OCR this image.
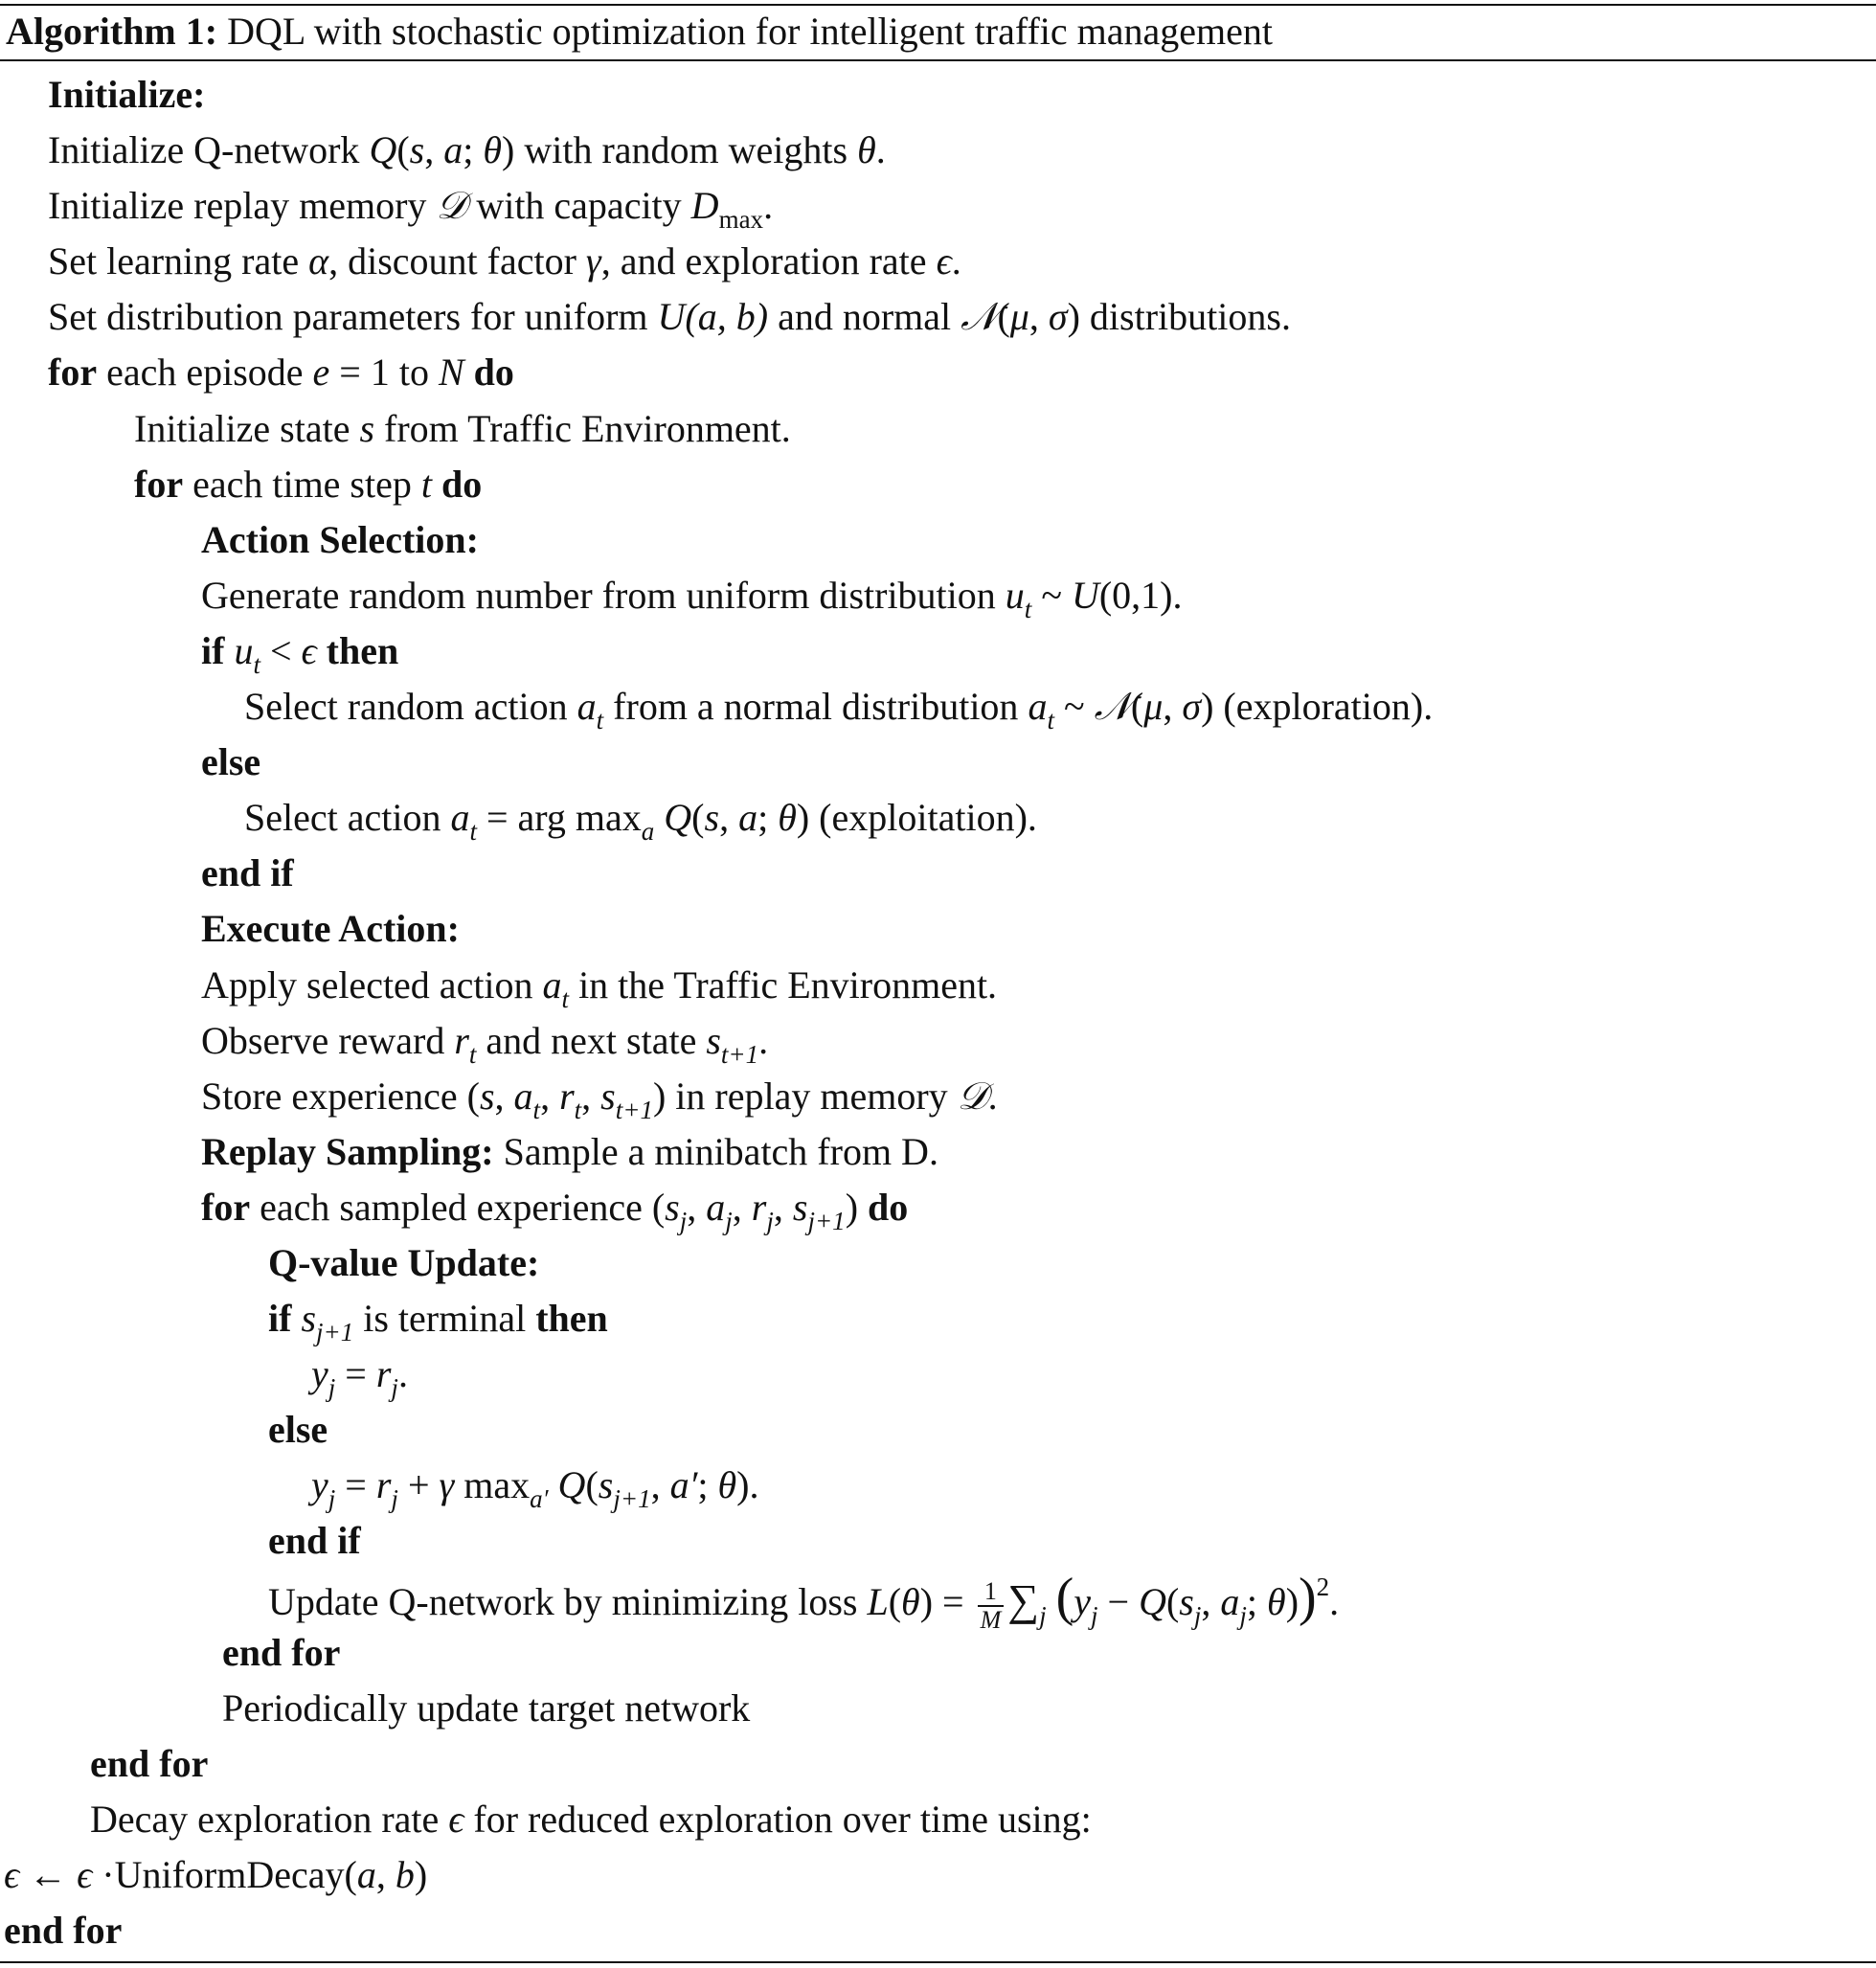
Algorithm 1: DQL with stochastic optimization for intelligent traffic management
Initialize:
Initialize Q-network Q(s, a; θ) with random weights θ.
Initialize replay memory 𝒟 with capacity $D_{max}$.
Set learning rate α, discount factor γ, and exploration rate ϵ.
Set distribution parameters for uniform U(a, b) and normal 𝒩(μ, σ) distributions.
for each episode e = 1 to N do
Initialize state s from Traffic Environment.
for each time step t do
Action Selection:
Generate random number from uniform distribution $u_t$ ~ U(0,1).
if $u_t < \epsilon$ then
Select random action $a_t$ from a normal distribution $a_t$ ~ 𝒩(μ, σ) (exploration).
else
Select action $a_t$ = arg $\max_a Q(s$, a; θ) (exploitation).
end if
Execute Action:
Apply selected action $a_t$ in the Traffic Environment.
Observe reward $r_t$ and next state $s_{t+1}$.
Store experience (s, $a_t$, $r_t$, $s_{t+1}$) in replay memory 𝒟.
Replay Sampling: Sample a minibatch from D.
for each sampled experience ($s_j$, $a_j$, $r_j$, $s_{j+1}$) do
Q-value Update:
if $s_{j+1}$ is terminal then
$y_j = r_j$.
else
$y_j = r_j + \gamma$ $\max_{a'} Q(s_{j+1}$, a′; θ).
end if
Update Q-network by minimizing loss $L(\theta) = \frac{1}{M} \sum_j$ ($y_j - Q(s_j$, $a_j$; θ))$^2$.
end for
Periodically update target network
end for
Decay exploration rate ϵ for reduced exploration over time using:
ϵ ← ϵ ·UniformDecay(a, b)
end for
